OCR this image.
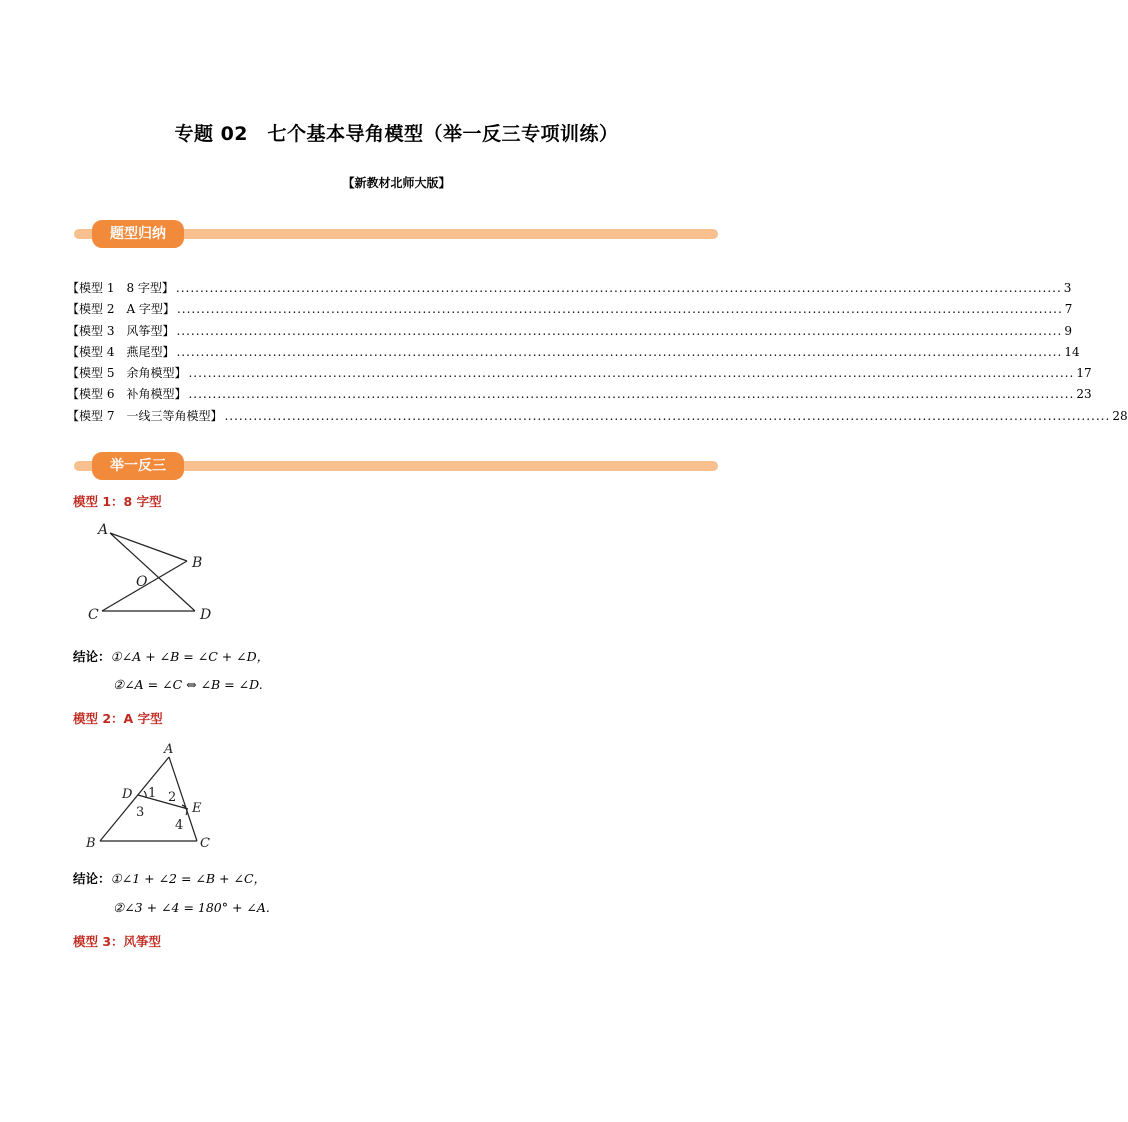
专题 02　七个基本导角模型（举一反三专项训练）
【新教材北师大版】
题型归纳
【模型 1　8 字型】 ........................................................................................................................................................................................ 3
【模型 2　A 字型】 ........................................................................................................................................................................................ 7
【模型 3　风筝型】 ........................................................................................................................................................................................ 9
【模型 4　燕尾型】 ........................................................................................................................................................................................ 14
【模型 5　余角模型】 ........................................................................................................................................................................................ 17
【模型 6　补角模型】 ........................................................................................................................................................................................ 23
【模型 7　一线三等角模型】 ........................................................................................................................................................................................ 28
举一反三
模型 1：8 字型
A
B
O
C	D
结论：①∠A + ∠B = ∠C + ∠D，
②∠A = ∠C ⇔ ∠B = ∠D.
模型 2：A 字型
A
D
E
B	C
1 2
3
4
结论：①∠1 + ∠2 = ∠B + ∠C，
②∠3 + ∠4 = 180° + ∠A.
模型 3：风筝型
